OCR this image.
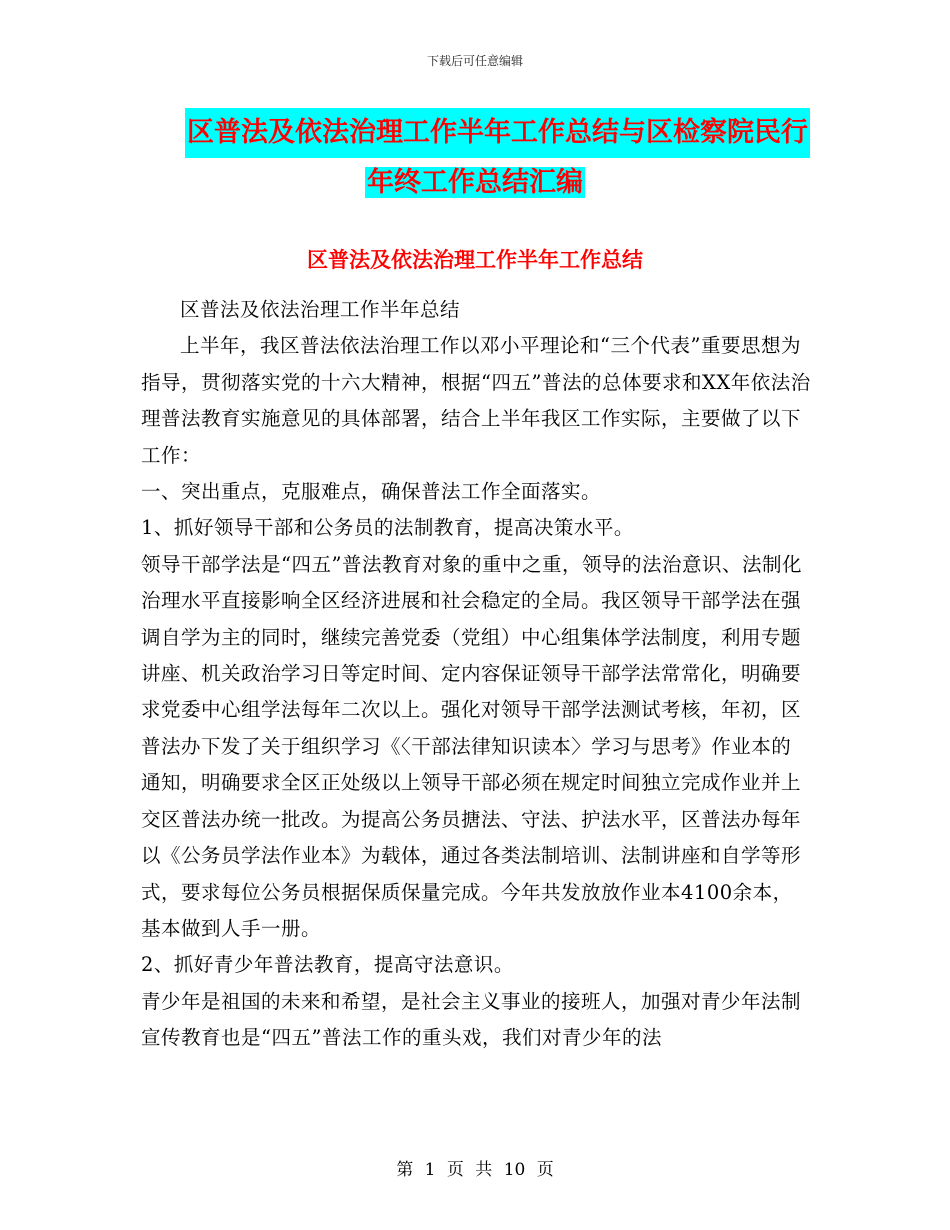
下载后可任意编辑
区普法及依法治理工作半年工作总结与区检察院民行
年终工作总结汇编
区普法及依法治理工作半年工作总结

区普法及依法治理工作半年总结

上半年，我区普法依法治理工作以邓小平理论和“三个代表”重要思想为指导，贯彻落实党的十六大精神，根据“四五”普法的总体要求和XX年依法治理普法教育实施意见的具体部署，结合上半年我区工作实际，主要做了以下工作：

一、突出重点，克服难点，确保普法工作全面落实。

1、抓好领导干部和公务员的法制教育，提高决策水平。

领导干部学法是“四五”普法教育对象的重中之重，领导的法治意识、法制化治理水平直接影响全区经济进展和社会稳定的全局。我区领导干部学法在强调自学为主的同时，继续完善党委（党组）中心组集体学法制度，利用专题讲座、机关政治学习日等定时间、定内容保证领导干部学法常常化，明确要求党委中心组学法每年二次以上。强化对领导干部学法测试考核，年初，区普法办下发了关于组织学习《〈干部法律知识读本〉学习与思考》作业本的通知，明确要求全区正处级以上领导干部必须在规定时间独立完成作业并上交区普法办统一批改。为提高公务员搪法、守法、护法水平，区普法办每年以《公务员学法作业本》为载体，通过各类法制培训、法制讲座和自学等形式，要求每位公务员根据保质保量完成。今年共发放放作业本4100余本，基本做到人手一册。

2、抓好青少年普法教育，提高守法意识。

青少年是祖国的未来和希望，是社会主义事业的接班人，加强对青少年法制宣传教育也是“四五”普法工作的重头戏，我们对青少年的法

第 1 页 共 10 页
